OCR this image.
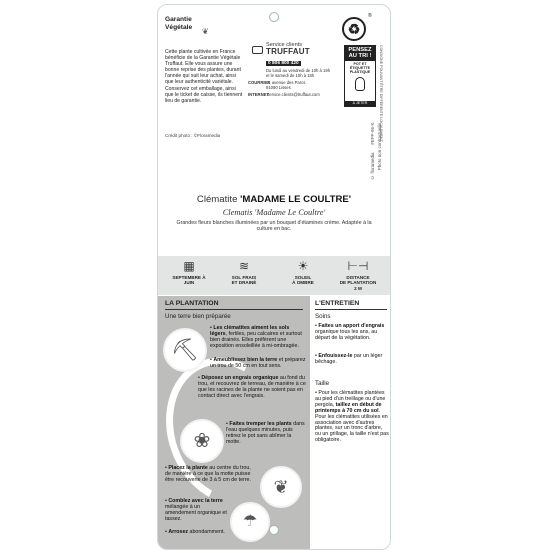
Garantie
Végétale	❦
Cette plante cultivée en France bénéficie de la Garantie Végétale Truffaut. Elle vous assure une bonne reprise des plantes, durant l'année qui suit leur achat, ainsi que leur authenticité variétale. Conservez cet emballage, ainsi que le ticket de caisse, ils tiennent lieu de garantie.
Crédit photo : ©Floramedia
Service clients
TRUFFAUT
0 806 800 420
Du lundi au vendredi de 10h à 19h
et le samedi de 10h à 18h
COURRIER 2, avenue des Parcs
91090 Lisses
INTERNET service.clients@truffaut.com
♻
®
PENSEZ
AU TRI !
POT ET
ÉTIQUETTE
PLASTIQUE
À JETER	CONSIGNE POUVANT ÊTRE DIFFÉRENTE LOCALEMENT
© floramedia #EFP-96-K Photo non contractuelle
Clématite 'MADAME LE COULTRE'
Clematis 'Madame Le Coultre'
Grandes fleurs blanches illuminées par un bouquet d'étamines crème. Adaptée à la culture en bac.
▦
SEPTEMBRE À
JUIN
≋
SOL FRAIS
ET DRAINÉ
☀
SOLEIL
À OMBRE
⊢⊣
DISTANCE
DE PLANTATION
2 M
LA PLANTATION
Une terre bien préparée
⛏
• Les clématites aiment les sols légers, fertiles, peu calcaires et surtout bien drainés. Elles préfèrent une exposition ensoleillée à mi-ombragée.
• Ameublissez bien la terre et préparez un trou de 50 cm en tout sens.
• Déposez un engrais organique au fond du trou, et recouvrez de terreau, de manière à ce que les racines de la plante ne soient pas en contact direct avec l'engrais.
❀
• Faites tremper les plants dans l'eau quelques minutes, puis retirez le pot sans abîmer la motte.
❦
• Placez la plante au centre du trou, de manière à ce que la motte puisse être recouverte de 3 à 5 cm de terre.
• Comblez avec la terre mélangée à un amendement organique et tassez.	☂
• Arrosez abondamment.
L'ENTRETIEN
Soins
• Faites un apport d'engrais organique tous les ans, au départ de la végétation.
• Enfouissez-le par un léger bêchage.
Taille
• Pour les clématites plantées au pied d'un treillage ou d'une pergola, taillez en début de printemps à 70 cm du sol. Pour les clématites utilisées en association avec d'autres plantes, sur un tronc d'arbre, ou un grillage, la taille n'est pas obligatoire.
